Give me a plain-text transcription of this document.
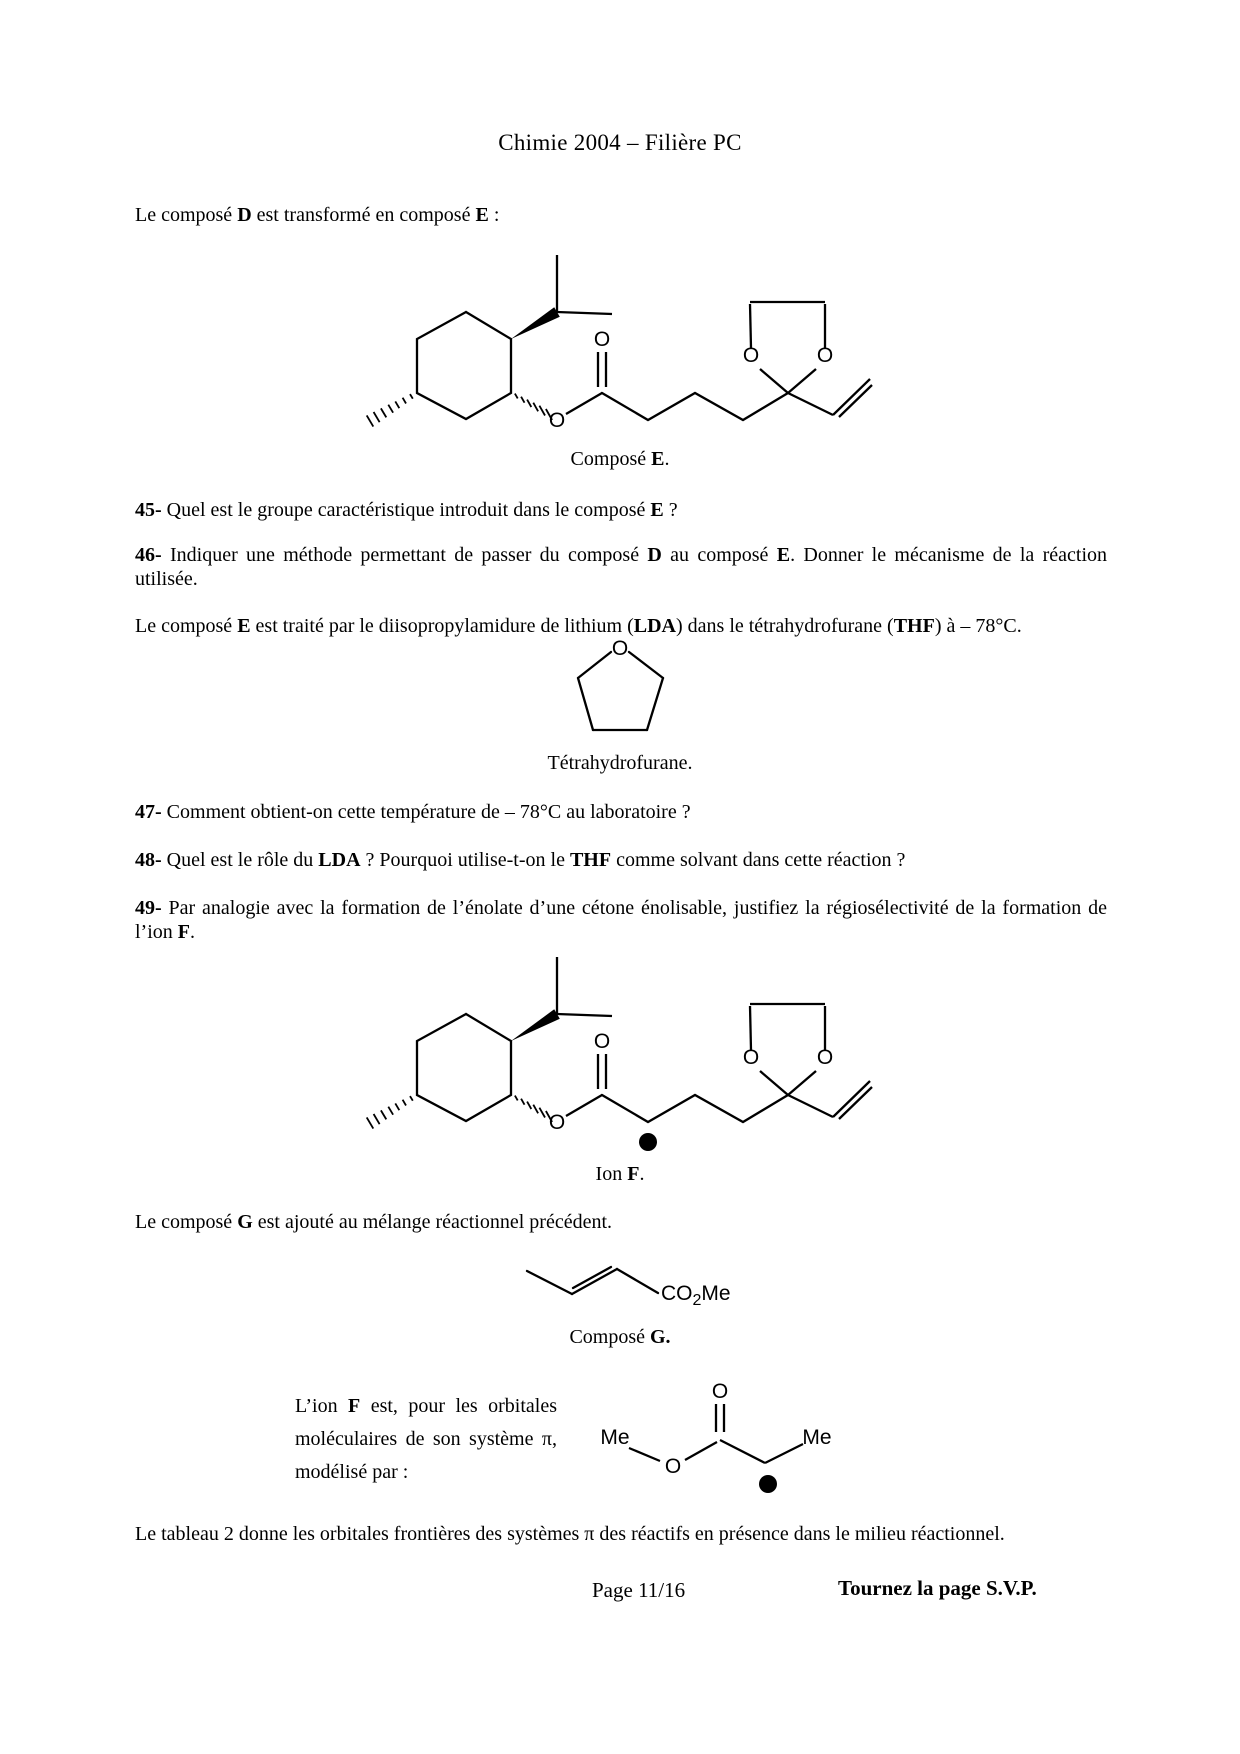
Chimie 2004 – Filière PC

Le composé D est transformé en composé E :

O
O
O	O
Composé E.

45- Quel est le groupe caractéristique introduit dans le composé E ?

46- Indiquer une méthode permettant de passer du composé D au composé E. Donner le mécanisme de la réaction utilisée.

Le composé E est traité par le diisopropylamidure de lithium (LDA) dans le tétrahydrofurane (THF) à – 78°C.

O
Tétrahydrofurane.

47- Comment obtient-on cette température de – 78°C au laboratoire ?

48- Quel est le rôle du LDA ? Pourquoi utilise-t-on le THF comme solvant dans cette réaction ?

49- Par analogie avec la formation de l’énolate d’une cétone énolisable, justifiez la régiosélectivité de la formation de l’ion F.

O
O
O	O
Ion F.

Le composé G est ajouté au mélange réactionnel précédent.

$CO_2Me$
Composé G.

L’ion F est, pour les orbitales moléculaires de son système π, modélisé par :

Me
O
O
Me

Le tableau 2 donne les orbitales frontières des systèmes π des réactifs en présence dans le milieu réactionnel.

Page 11/16	Tournez la page S.V.P.
